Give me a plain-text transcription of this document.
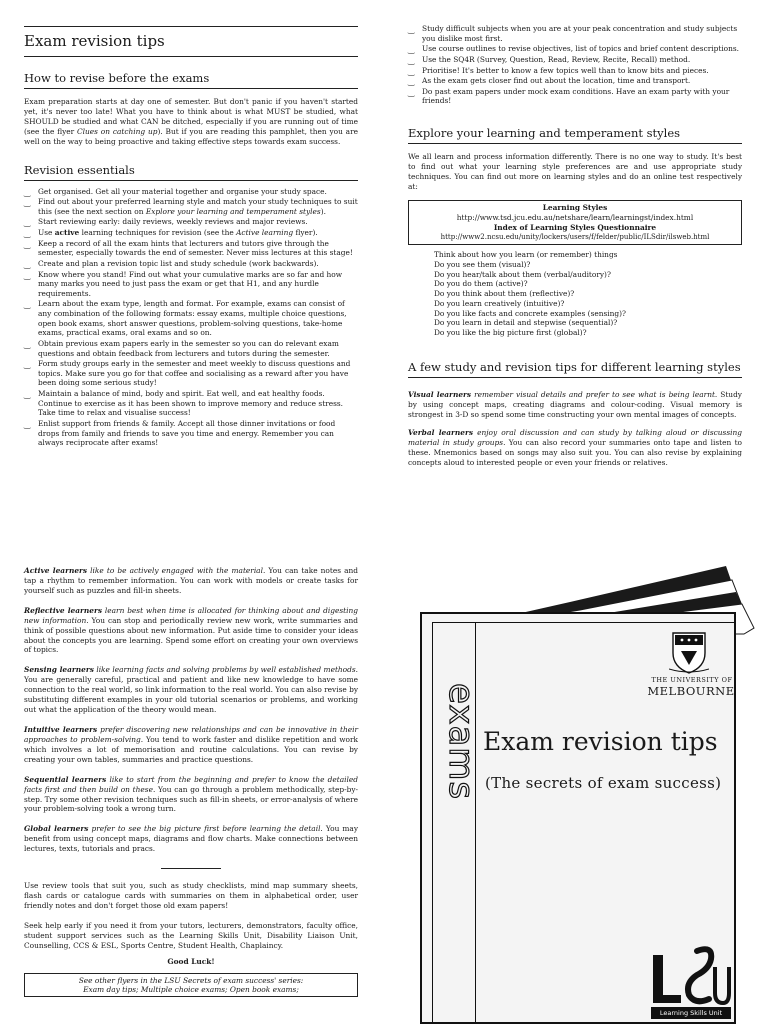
Exam revision tips
How to revise before the exams
Exam preparation starts at day one of semester. But don't panic if you haven't started yet, it's never too late! What you have to think about is what MUST be studied, what SHOULD be studied and what CAN be ditched, especially if you are running out of time (see the flyer Clues on catching up). But if you are reading this pamphlet, then you are well on the way to being proactive and taking effective steps towards exam success.
Revision essentials
‿ Get organised. Get all your material together and organise your study space.
‿ Find out about your preferred learning style and match your study techniques to suit this (see the next section on Explore your learning and temperament styles).
‿ Start reviewing early: daily reviews, weekly reviews and major reviews.
‿ Use active learning techniques for revision (see the Active learning flyer).
‿ Keep a record of all the exam hints that lecturers and tutors give through the semester, especially towards the end of semester. Never miss lectures at this stage!
‿ Create and plan a revision topic list and study schedule (work backwards).
‿ Know where you stand! Find out what your cumulative marks are so far and how many marks you need to just pass the exam or get that H1, and any hurdle requirements.
‿ Learn about the exam type, length and format. For example, exams can consist of any combination of the following formats: essay exams, multiple choice questions, open book exams, short answer questions, problem-solving questions, take-home exams, practical exams, oral exams and so on.
‿ Obtain previous exam papers early in the semester so you can do relevant exam questions and obtain feedback from lecturers and tutors during the semester.
‿ Form study groups early in the semester and meet weekly to discuss questions and topics. Make sure you go for that coffee and socialising as a reward after you have been doing some serious study!
‿ Maintain a balance of mind, body and spirit. Eat well, and eat healthy foods. Continue to exercise as it has been shown to improve memory and reduce stress. Take time to relax and visualise success!
‿ Enlist support from friends & family. Accept all those dinner invitations or food drops from family and friends to save you time and energy. Remember you can always reciprocate after exams!
‿ Study difficult subjects when you are at your peak concentration and study subjects you dislike most first.
‿ Use course outlines to revise objectives, list of topics and brief content descriptions.
‿ Use the SQ4R (Survey, Question, Read, Review, Recite, Recall) method.
‿ Prioritise! It's better to know a few topics well than to know bits and pieces.
‿ As the exam gets closer find out about the location, time and transport.
‿ Do past exam papers under mock exam conditions. Have an exam party with your friends!
Explore your learning and temperament styles
We all learn and process information differently. There is no one way to study. It's best to find out what your learning style preferences are and use appropriate study techniques. You can find out more on learning styles and do an online test respectively at:
Learning Styles
http://www.tsd.jcu.edu.au/netshare/learn/learningst/index.html
Index of Learning Styles Questionnaire
http://www2.ncsu.edu/unity/lockers/users/f/felder/public/ILSdir/ilsweb.html
Think about how you learn (or remember) things
Do you see them (visual)?
Do you hear/talk about them (verbal/auditory)?
Do you do them (active)?
Do you think about them (reflective)?
Do you learn creatively (intuitive)?
Do you like facts and concrete examples (sensing)?
Do you learn in detail and stepwise (sequential)?
Do you like the big picture first (global)?
A few study and revision tips for different learning styles
Visual learners remember visual details and prefer to see what is being learnt. Study by using concept maps, creating diagrams and colour-coding. Visual memory is strongest in 3-D so spend some time constructing your own mental images of concepts.
Verbal learners enjoy oral discussion and can study by talking aloud or discussing material in study groups. You can also record your summaries onto tape and listen to these. Mnemonics based on songs may also suit you. You can also revise by explaining concepts aloud to interested people or even your friends or relatives.
Active learners like to be actively engaged with the material. You can take notes and tap a rhythm to remember information. You can work with models or create tasks for yourself such as puzzles and fill-in sheets.
Reflective learners learn best when time is allocated for thinking about and digesting new information. You can stop and periodically review new work, write summaries and think of possible questions about new information. Put aside time to consider your ideas about the concepts you are learning. Spend some effort on creating your own overviews of topics.
Sensing learners like learning facts and solving problems by well established methods. You are generally careful, practical and patient and like new knowledge to have some connection to the real world, so link information to the real world. You can also revise by substituting different examples in your old tutorial scenarios or problems, and working out what the application of the theory would mean.
Intuitive learners prefer discovering new relationships and can be innovative in their approaches to problem-solving. You tend to work faster and dislike repetition and work which involves a lot of memorisation and routine calculations. You can revise by creating your own tables, summaries and practice questions.
Sequential learners like to start from the beginning and prefer to know the detailed facts first and then build on these. You can go through a problem methodically, step-by-step. Try some other revision techniques such as fill-in sheets, or error-analysis of where your problem-solving took a wrong turn.
Global learners prefer to see the big picture first before learning the detail. You may benefit from using concept maps, diagrams and flow charts. Make connections between lectures, texts, tutorials and pracs.
Use review tools that suit you, such as study checklists, mind map summary sheets, flash cards or catalogue cards with summaries on them in alphabetical order, user friendly notes and don't forget those old exam papers!
Seek help early if you need it from your tutors, lecturers, demonstrators, faculty office, student support services such as the Learning Skills Unit, Disability Liaison Unit, Counselling, CCS & ESL, Sports Centre, Student Health, Chaplaincy.
Good Luck!
See other flyers in the LSU Secrets of exam success' series:
Exam day tips; Multiple choice exams; Open book exams;
exams
THE UNIVERSITY OF
MELBOURNE
Exam revision tips
(The secrets of exam success)
Learning Skills Unit
